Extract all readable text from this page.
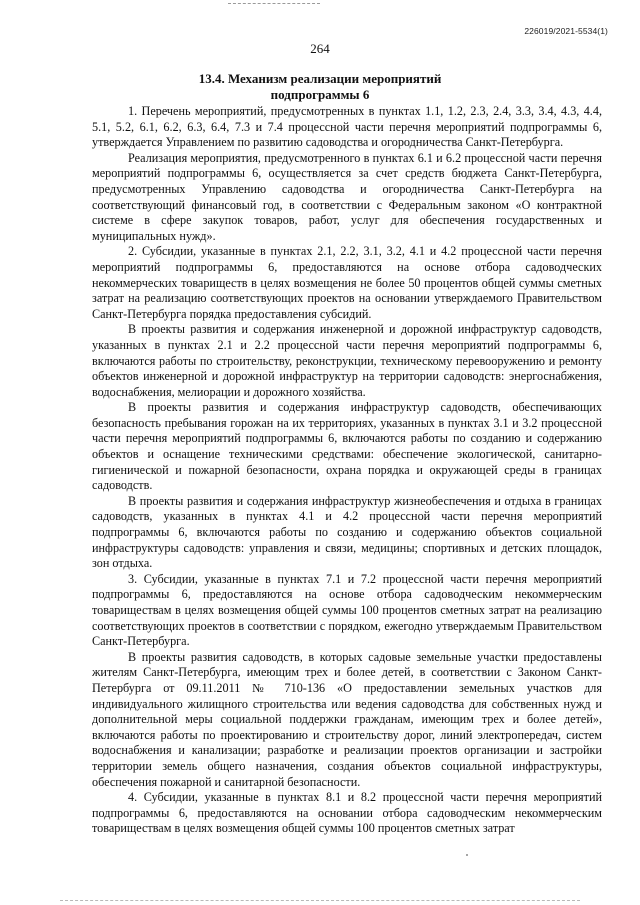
226019/2021-5534(1)
264
13.4. Механизм реализации мероприятий
подпрограммы 6

1. Перечень мероприятий, предусмотренных в пунктах 1.1, 1.2, 2.3, 2.4, 3.3, 3.4, 4.3, 4.4, 5.1, 5.2, 6.1, 6.2, 6.3, 6.4, 7.3 и 7.4 процессной части перечня мероприятий подпрограммы 6, утверждается Управлением по развитию садоводства и огородничества Санкт-Петербурга.

Реализация мероприятия, предусмотренного в пунктах 6.1 и 6.2 процессной части перечня мероприятий подпрограммы 6, осуществляется за счет средств бюджета Санкт-Петербурга, предусмотренных Управлению садоводства и огородничества Санкт-Петербурга на соответствующий финансовый год, в соответствии с Федеральным законом «О контрактной системе в сфере закупок товаров, работ, услуг для обеспечения государственных и муниципальных нужд».

2. Субсидии, указанные в пунктах 2.1, 2.2, 3.1, 3.2, 4.1 и 4.2 процессной части перечня мероприятий подпрограммы 6, предоставляются на основе отбора садоводческих некоммерческих товариществ в целях возмещения не более 50 процентов общей суммы сметных затрат на реализацию соответствующих проектов на основании утверждаемого Правительством Санкт-Петербурга порядка предоставления субсидий.

В проекты развития и содержания инженерной и дорожной инфраструктур садоводств, указанных в пунктах 2.1 и 2.2 процессной части перечня мероприятий подпрограммы 6, включаются работы по строительству, реконструкции, техническому перевооружению и ремонту объектов инженерной и дорожной инфраструктур на территории садоводств: энергоснабжения, водоснабжения, мелиорации и дорожного хозяйства.

В проекты развития и содержания инфраструктур садоводств, обеспечивающих безопасность пребывания горожан на их территориях, указанных в пунктах 3.1 и 3.2 процессной части перечня мероприятий подпрограммы 6, включаются работы по созданию и содержанию объектов и оснащение техническими средствами: обеспечение экологической, санитарно-гигиенической и пожарной безопасности, охрана порядка и окружающей среды в границах садоводств.

В проекты развития и содержания инфраструктур жизнеобеспечения и отдыха в границах садоводств, указанных в пунктах 4.1 и 4.2 процессной части перечня мероприятий подпрограммы 6, включаются работы по созданию и содержанию объектов социальной инфраструктуры садоводств: управления и связи, медицины; спортивных и детских площадок, зон отдыха.

3. Субсидии, указанные в пунктах 7.1 и 7.2 процессной части перечня мероприятий подпрограммы 6, предоставляются на основе отбора садоводческим некоммерческим товариществам в целях возмещения общей суммы 100 процентов сметных затрат на реализацию соответствующих проектов в соответствии с порядком, ежегодно утверждаемым Правительством Санкт-Петербурга.

В проекты развития садоводств, в которых садовые земельные участки предоставлены жителям Санкт-Петербурга, имеющим трех и более детей, в соответствии с Законом Санкт-Петербурга от 09.11.2011 № 710-136 «О предоставлении земельных участков для индивидуального жилищного строительства или ведения садоводства для собственных нужд и дополнительной меры социальной поддержки гражданам, имеющим трех и более детей», включаются работы по проектированию и строительству дорог, линий электропередач, систем водоснабжения и канализации; разработке и реализации проектов организации и застройки территории земель общего назначения, создания объектов социальной инфраструктуры, обеспечения пожарной и санитарной безопасности.

4. Субсидии, указанные в пунктах 8.1 и 8.2 процессной части перечня мероприятий подпрограммы 6, предоставляются на основании отбора садоводческим некоммерческим товариществам в целях возмещения общей суммы 100 процентов сметных затрат
